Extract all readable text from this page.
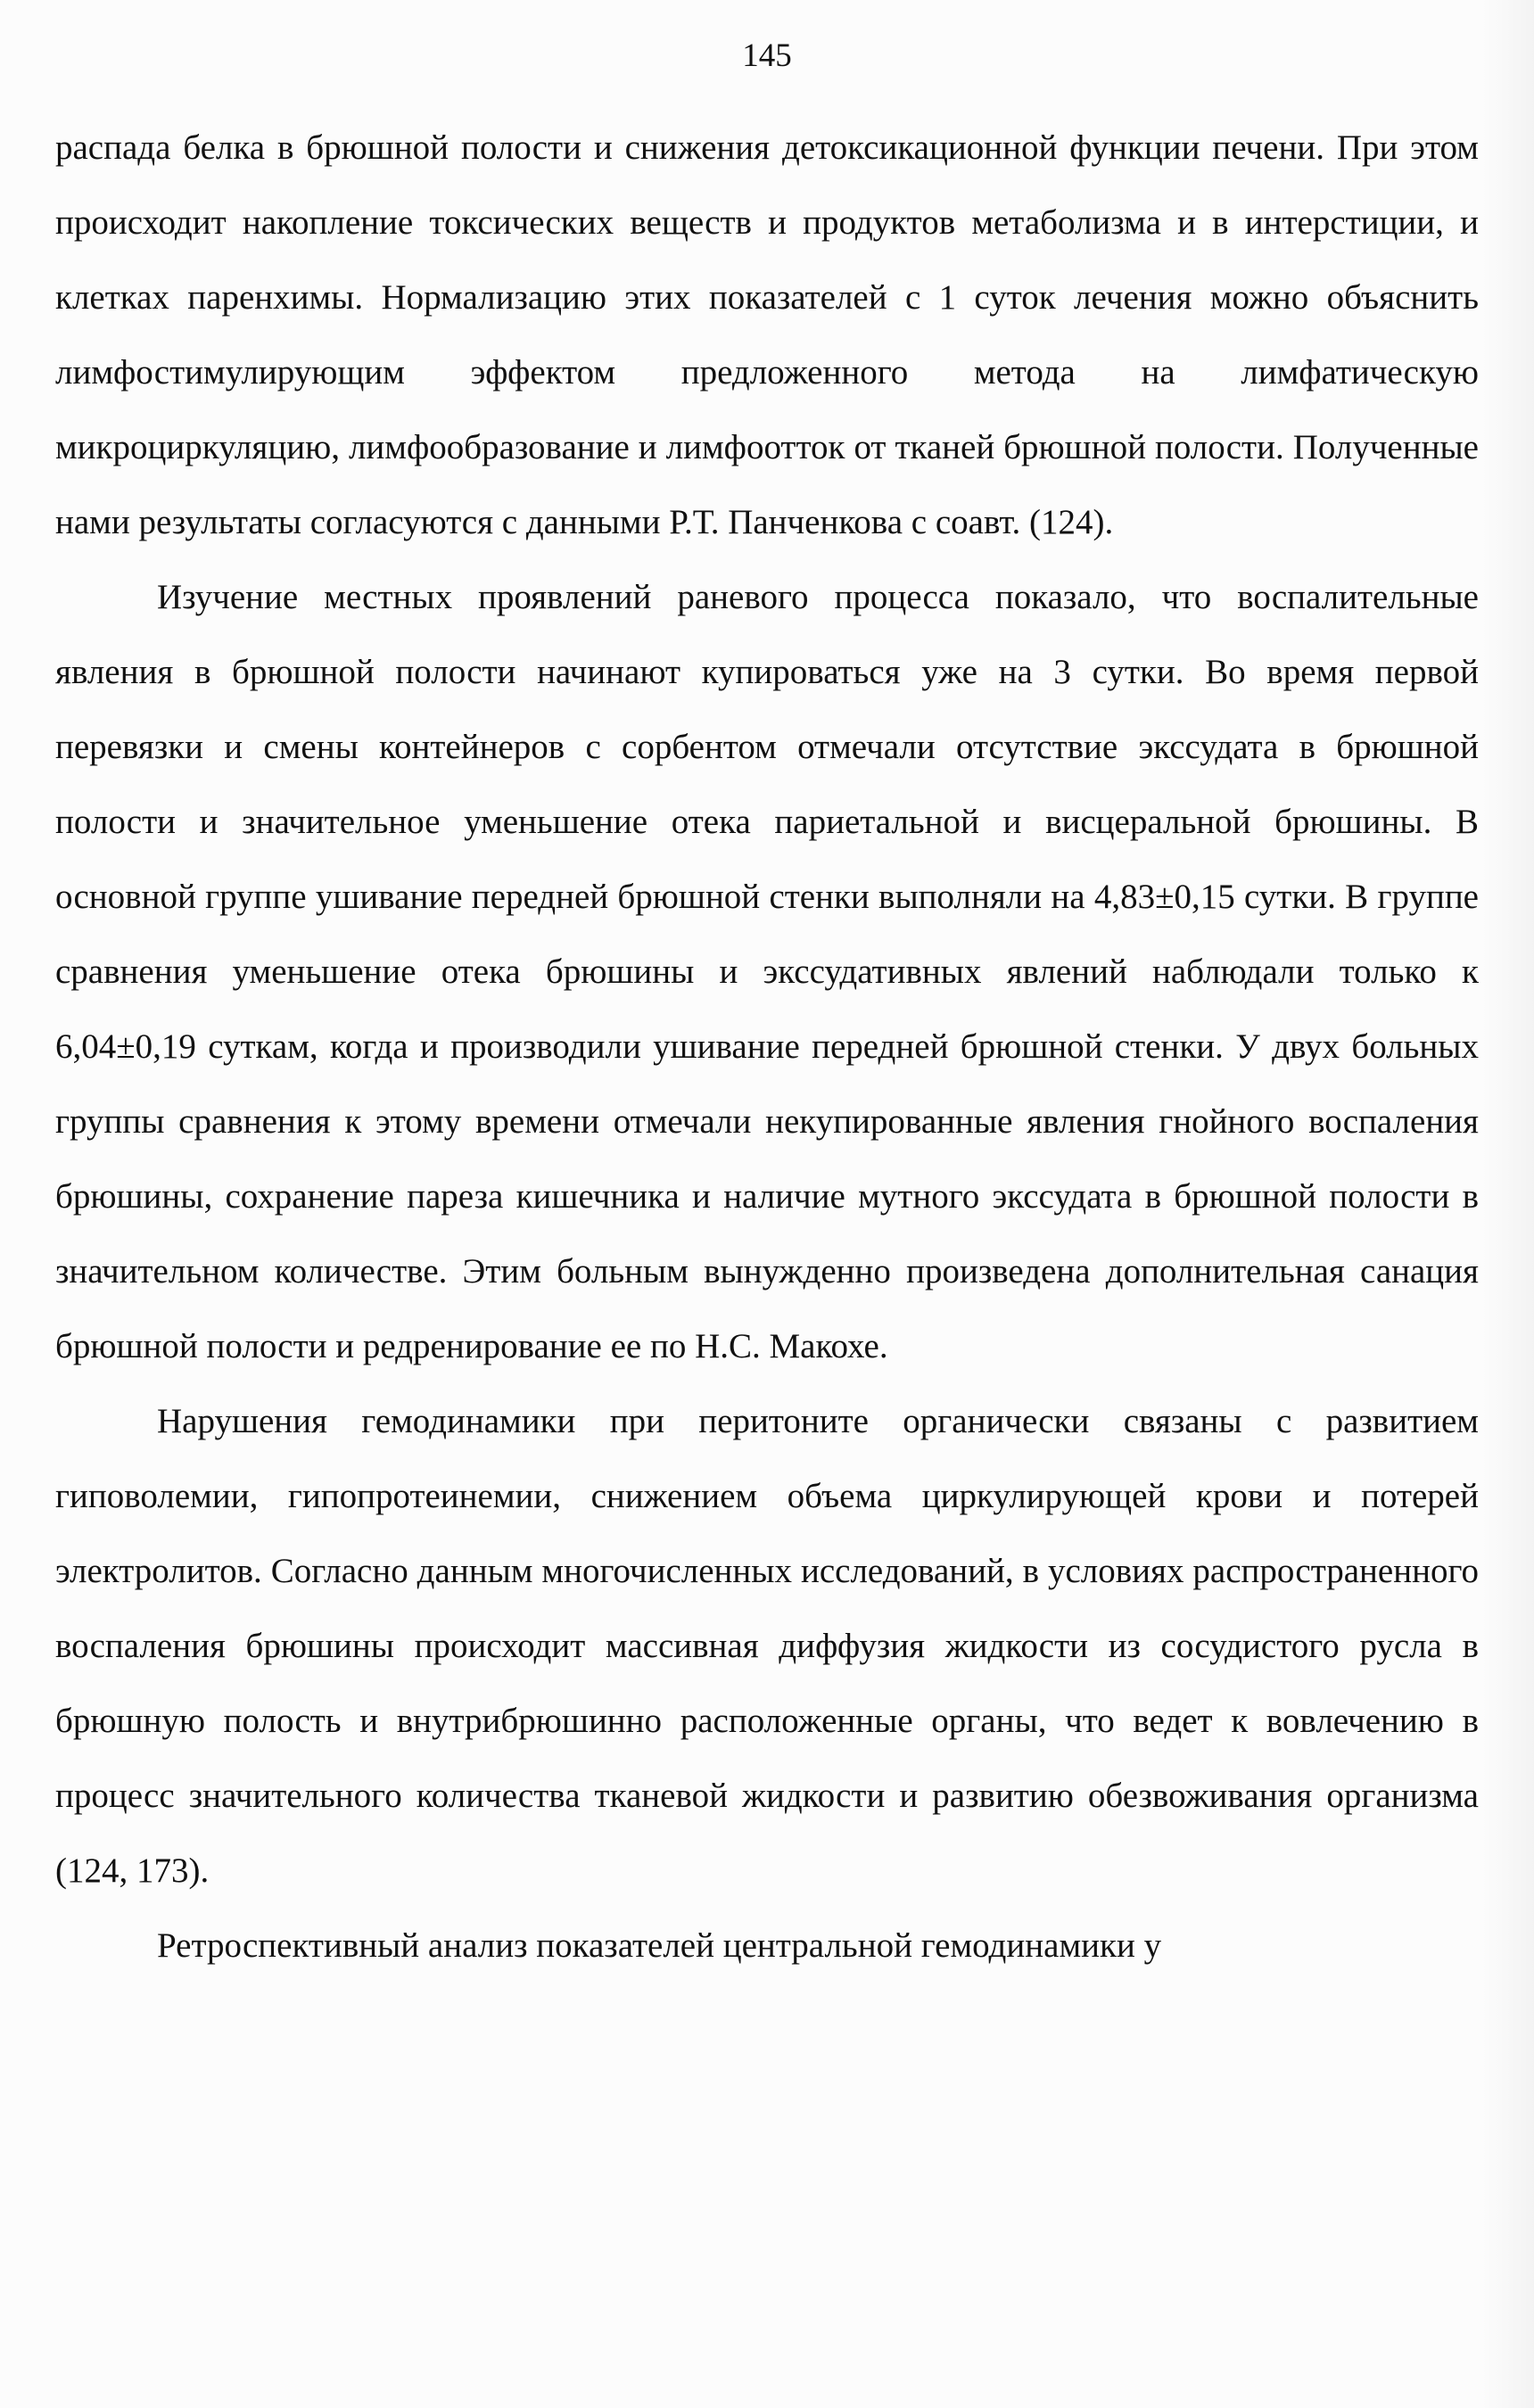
145

распада белка в брюшной полости и снижения детоксикационной функции печени. При этом происходит накопление токсических веществ и продуктов метаболизма и в интерстиции, и клетках паренхимы. Нормализацию этих показателей с 1 суток лечения можно объяснить лимфостимулирующим эффектом предложенного метода на лимфатическую микроциркуляцию, лимфообразование и лимфоотток от тканей брюшной полости. Полученные нами результаты согласуются с данными Р.Т. Панченкова с соавт. (124).

Изучение местных проявлений раневого процесса показало, что воспалительные явления в брюшной полости начинают купироваться уже на 3 сутки. Во время первой перевязки и смены контейнеров с сорбентом отмечали отсутствие экссудата в брюшной полости и значительное уменьшение отека париетальной и висцеральной брюшины. В основной группе ушивание передней брюшной стенки выполняли на 4,83±0,15 сутки. В группе сравнения уменьшение отека брюшины и экссудативных явлений наблюдали только к 6,04±0,19 суткам, когда и производили ушивание передней брюшной стенки. У двух больных группы сравнения к этому времени отмечали некупированные явления гнойного воспаления брюшины, сохранение пареза кишечника и наличие мутного экссудата в брюшной полости в значительном количестве. Этим больным вынужденно произведена дополнительная санация брюшной полости и редренирование ее по Н.С. Макохе.

Нарушения гемодинамики при перитоните органически связаны с развитием гиповолемии, гипопротеинемии, снижением объема циркулирующей крови и потерей электролитов. Согласно данным многочисленных исследований, в условиях распространенного воспаления брюшины происходит массивная диффузия жидкости из сосудистого русла в брюшную полость и внутрибрюшинно расположенные органы, что ведет к вовлечению в процесс значительного количества тканевой жидкости и развитию обезвоживания организма (124, 173).

Ретроспективный анализ показателей центральной гемодинамики у
